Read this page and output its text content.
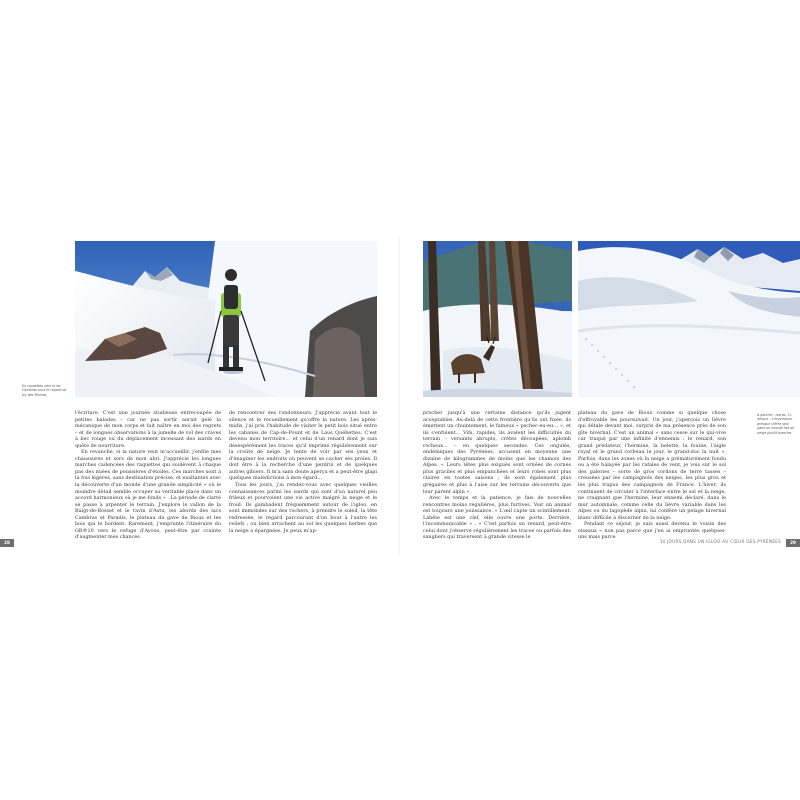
En raquettes vers le lac Cambras sous le regard du pic des Moines.

l'écriture. C'est une journée studieuse entrecoupée de petites balades – car ne pas sortir aurait gelé la mécanique de mon corps et fait naître en moi des regrets – et de longues observations à la jumelle de vol des craves à bec rouge ou du déplacement incessant des isards en quête de nourriture.

En revanche, si la nature veut m'accueillir, j'enfile mes chaussures et sors de mon abri. J'apprécie les longues marches cadencées des raquettes qui soulèvent à chaque pas des nuées de poussières d'étoiles. Ces marches sont à la fois légères, sans destination précise, et exaltantes avec la découverte d'un monde d'une grande simplicité « où le moindre détail semble occuper sa véritable place dans un accord harmonieux où je me fonds » . La période de clarté se passe à arpenter le terrain. J'explore le vallon de la Baigt-de-Bosset et le ravin d'Astu, les abords des lacs Cambras et Paradis, le plateau du gave de Bious et les bois qui le bordent. Rarement, j'emprunte l'itinéraire du GR®10 vers le refuge d'Ayous, peut-être par crainte d'augmenter mes chances

de rencontrer des randonneurs. J'apprécie avant tout le silence et le recueillement qu'offre la nature. Les après-midis, j'ai pris l'habitude de visiter le petit bois situé entre les cabanes de Cap-de-Pount et de Laus Québettes. C'est devenu mon territoire… et celui d'un renard dont je suis désespérément les traces qu'il imprime régulièrement sur la croûte de neige. Je tente de voir par ses yeux et d'imaginer les endroits où peuvent se cacher ses proies. Il doit être à la recherche d'une perdrix et de quelques autres gibiers. Il m'a sans doute aperçu et a peut-être glapi quelques malédictions à mon égard…

Tous les jours, j'ai rendez-vous avec quelques vieilles connaissances parmi les isards qui sont d'un naturel peu frileux et pourvoient une vie active malgré la neige et le froid. Ils gambadent fréquemment autour de l'igloo, en sont immobiles sur des rochers, à prendre le soleil, la tête redressée, le regard parcourant d'un bout à l'autre les reliefs ; ou bien arrachent au sol les quelques herbes que la neige a épargnées. Je peux m'ap-

28
À gauche : Isards. Ci-dessus : L'impression presque d'être seul dans un monde fait de neige plutôt blanche.

procher jusqu'à une certaine distance qu'ils jugent acceptables. Au-delà de cette frontière qu'ils ont fixée, ils émettent un chuintement, le fameux « pschec-eu-eu… », et ils s'enfuient… Vifs, rapides, ils avalent les difficultés du terrain – versants abrupts, crêtes découpées, aplomb rocheux… – en quelques secondes. Ces ongulés, endémiques des Pyrénées, accusent en moyenne une dizaine de kilogrammes de moins que les chamois des Alpes. « Leurs têtes plus exiguës sont ornées de cornes plus graciles et plus empanchées et leurs robes sont plus claires en toutes saisons ; ils sont également plus grégaires et plus à l'aise sur les terrains découverts que leur parent alpin ».

Avec le temps et la patience, je fais de nouvelles rencontres moins régulières, plus furtives. Voir un animal est toujours une jouissance. « L'œil capte un scintillement. Labête est une clef, elle ouvre une porte. Derrière, l'incommunicable » . « C'est parfois un renard, peut-être celui dont j'observe régulièrement les traces ou parfois des sangliers qui traversent à grande vitesse le

plateau du gave de Bious comme si quelque chose d'effroyable les poursuivait. Un jour, j'aperçois un lièvre qui détale devant moi, surpris de ma présence près de son gîte hivernal. C'est un animal « sans cesse sur le qui-vive car traqué par une infinité d'ennemis : le renard, son grand prédateur, l'hermine, la belette, la fouine, l'aigle royal et le grand corbeau le jour, le grand-duc la nuit ». Parfois, dans les zones où la neige a prématurément fondu ou a été balayée par les rafales de vent, je vois sur le sol des galeries – sorte de gros cordons de terre tassés – creusées par les campagnols des neiges, les plus gros et les plus trapus des campagnols de France. L'hiver, ils continuent de circuler à l'interface entre le sol et la neige, ne craignant que l'hermine, leur ennemi déclaré, dans le mur automnale, comme celle du lièvre variable dans les Alpes ou du lagopède alpin, lui confère un pelage hivernal blanc difficile à discerner de la neige.

Pendant ce séjour, je suis aussi devenu le voisin des oiseaux « non pas parce que j'en ai empruntés quelques-uns mais parce

30 JOURS DANS UN IGLOO AU CŒUR DES PYRÉNÉES	29
